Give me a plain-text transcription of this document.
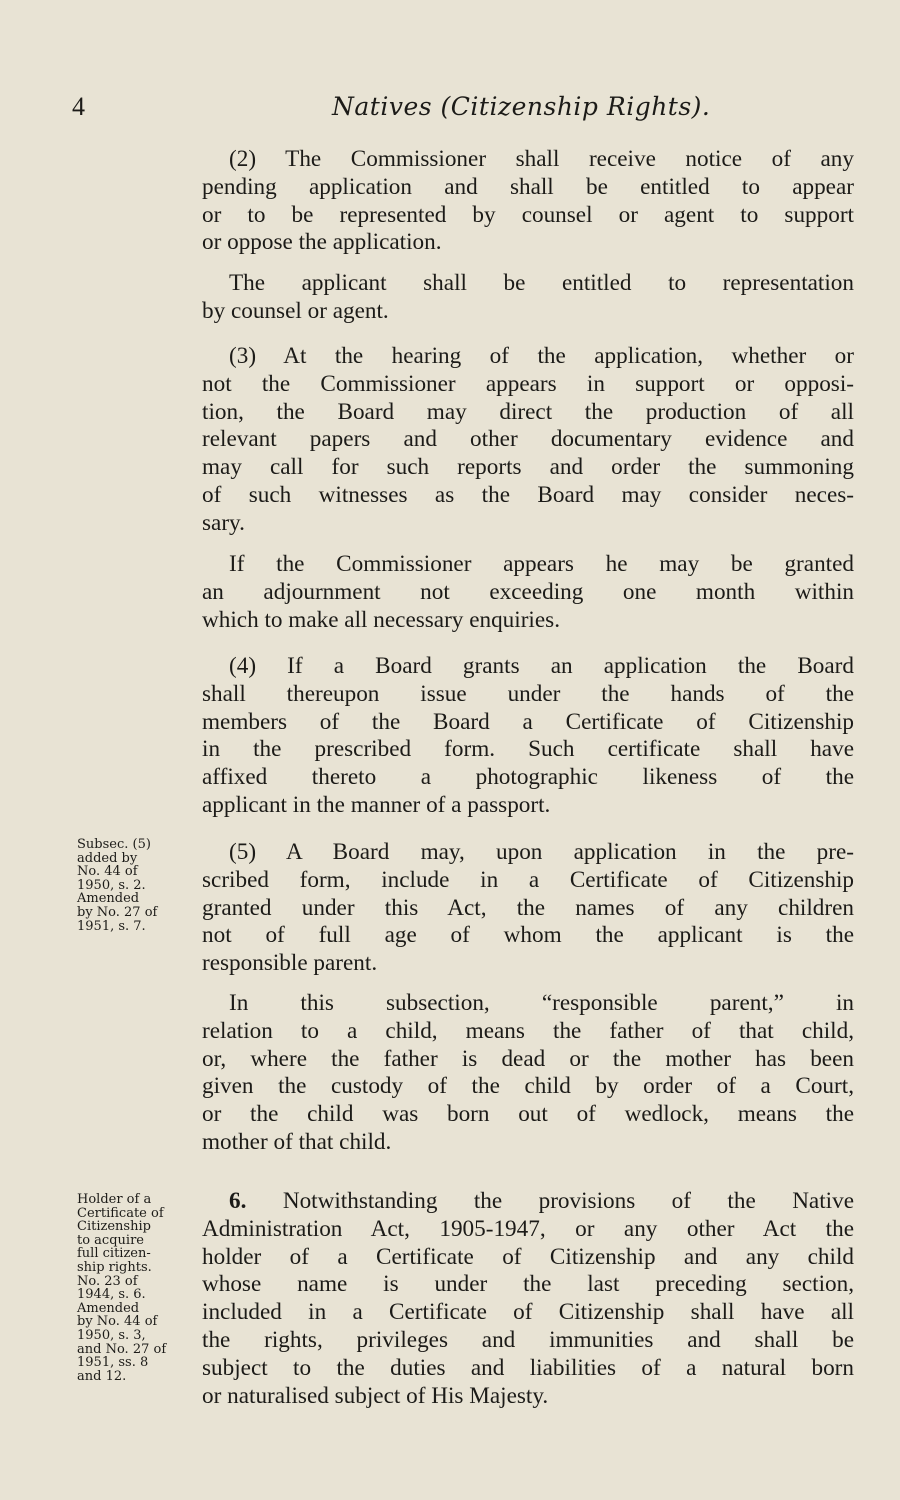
4	Natives (Citizenship Rights).
Subsec. (5)
added by
No. 44 of
1950, s. 2.
Amended
by No. 27 of
1951, s. 7.
Holder of a
Certificate of
Citizenship
to acquire
full citizen-
ship rights.
No. 23 of
1944, s. 6.
Amended
by No. 44 of
1950, s. 3,
and No. 27 of
1951, ss. 8
and 12.

(2) The Commissioner shall receive notice of any
pending application and shall be entitled to appear
or to be represented by counsel or agent to support
or oppose the application.

The applicant shall be entitled to representation
by counsel or agent.

(3) At the hearing of the application, whether or
not the Commissioner appears in support or opposi-
tion, the Board may direct the production of all
relevant papers and other documentary evidence and
may call for such reports and order the summoning
of such witnesses as the Board may consider neces-
sary.

If the Commissioner appears he may be granted
an adjournment not exceeding one month within
which to make all necessary enquiries.

(4) If a Board grants an application the Board
shall thereupon issue under the hands of the
members of the Board a Certificate of Citizenship
in the prescribed form. Such certificate shall have
affixed thereto a photographic likeness of the
applicant in the manner of a passport.

(5) A Board may, upon application in the pre-
scribed form, include in a Certificate of Citizenship
granted under this Act, the names of any children
not of full age of whom the applicant is the
responsible parent.

In this subsection, “responsible parent,” in
relation to a child, means the father of that child,
or, where the father is dead or the mother has been
given the custody of the child by order of a Court,
or the child was born out of wedlock, means the
mother of that child.

6. Notwithstanding the provisions of the Native
Administration Act, 1905-1947, or any other Act the
holder of a Certificate of Citizenship and any child
whose name is under the last preceding section,
included in a Certificate of Citizenship shall have all
the rights, privileges and immunities and shall be
subject to the duties and liabilities of a natural born
or naturalised subject of His Majesty.
